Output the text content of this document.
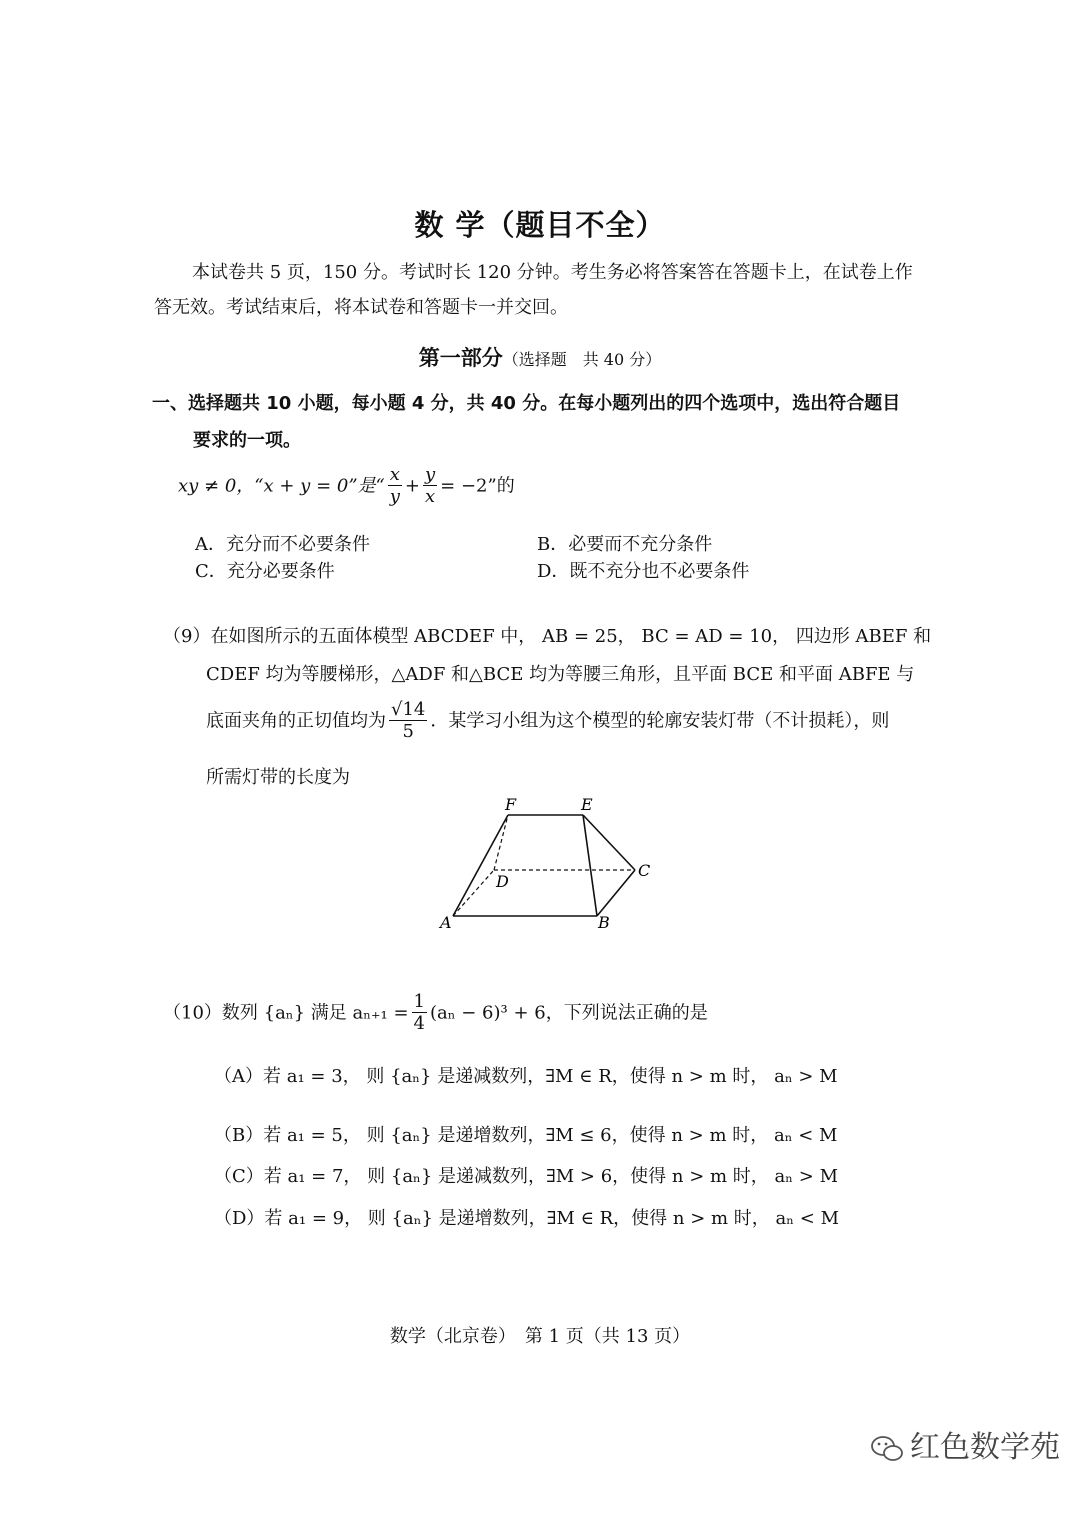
数 学（题目不全）
本试卷共 5 页，150 分。考试时长 120 分钟。考生务必将答案答在答题卡上，在试卷上作
答无效。考试结束后，将本试卷和答题卡一并交回。
第一部分（选择题　共 40 分）
一、选择题共 10 小题，每小题 4 分，共 40 分。在每小题列出的四个选项中，选出符合题目
要求的一项。
xy ≠ 0，“x + y = 0”是“ $\frac{x}{y} + \frac{y}{x} = -2$”的
A．充分而不必要条件	B．必要而不充分条件
C．充分必要条件	D．既不充分也不必要条件
（9）在如图所示的五面体模型 ABCDEF 中， AB = 25， BC = AD = 10， 四边形 ABEF 和
CDEF 均为等腰梯形，△ADF 和△BCE 均为等腰三角形，且平面 BCE 和平面 ABFE 与
底面夹角的正切值均为 $\frac{√14}{5}$ ．某学习小组为这个模型的轮廓安装灯带（不计损耗），则
所需灯带的长度为
F	E
D
C
A	B
（10）数列 {aₙ} 满足 $a_{n+1} = \frac{1}{4} (a_n - 6)^3 + 6$，下列说法正确的是
（A）若 a₁ = 3， 则 {aₙ} 是递减数列，∃M ∈ R，使得 n > m 时， aₙ > M
（B）若 a₁ = 5， 则 {aₙ} 是递增数列，∃M ≤ 6，使得 n > m 时， aₙ < M
（C）若 a₁ = 7， 则 {aₙ} 是递减数列，∃M > 6，使得 n > m 时， aₙ > M
（D）若 a₁ = 9， 则 {aₙ} 是递增数列，∃M ∈ R，使得 n > m 时， aₙ < M
数学（北京卷）　第 1 页（共 13 页）
红色数学苑
